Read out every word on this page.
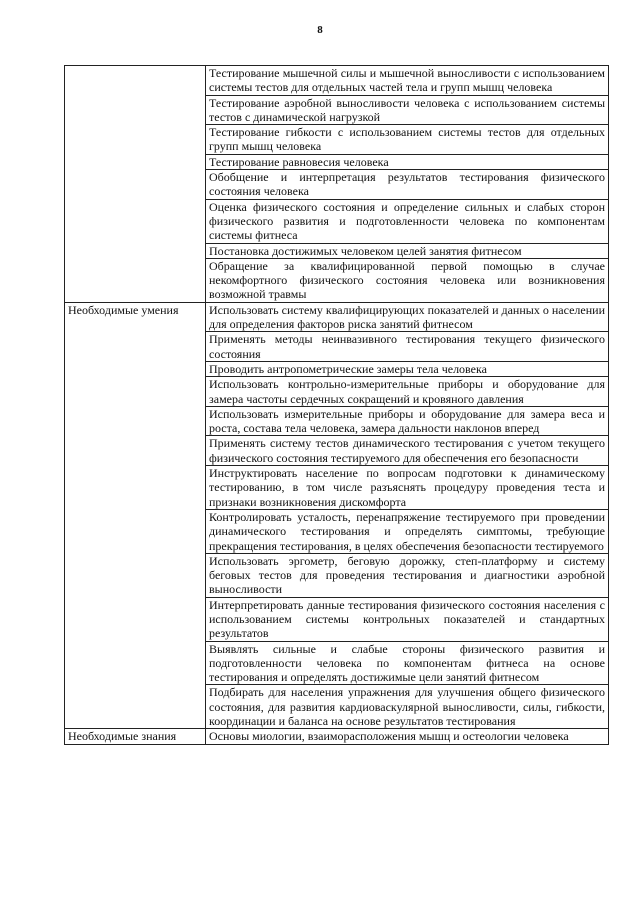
8
	Тестирование мышечной силы и мышечной выносливости с использованием системы тестов для отдельных частей тела и групп мышц человека
	Тестирование аэробной выносливости человека с использованием системы тестов с динамической нагрузкой
	Тестирование гибкости с использованием системы тестов для отдельных групп мышц человека
	Тестирование равновесия человека
	Обобщение и интерпретация результатов тестирования физического состояния человека
	Оценка физического состояния и определение сильных и слабых сторон физического развития и подготовленности человека по компонентам системы фитнеса
	Постановка достижимых человеком целей занятия фитнесом
	Обращение за квалифицированной первой помощью в случае некомфортного физического состояния человека или возникновения возможной травмы
Необходимые умения	Использовать систему квалифицирующих показателей и данных о населении для определения факторов риска занятий фитнесом
	Применять методы неинвазивного тестирования текущего физического состояния
	Проводить антропометрические замеры тела человека
	Использовать контрольно-измерительные приборы и оборудование для замера частоты сердечных сокращений и кровяного давления
	Использовать измерительные приборы и оборудование для замера веса и роста, состава тела человека, замера дальности наклонов вперед
	Применять систему тестов динамического тестирования с учетом текущего физического состояния тестируемого для обеспечения его безопасности
	Инструктировать население по вопросам подготовки к динамическому тестированию, в том числе разъяснять процедуру проведения теста и признаки возникновения дискомфорта
	Контролировать усталость, перенапряжение тестируемого при проведении динамического тестирования и определять симптомы, требующие прекращения тестирования, в целях обеспечения безопасности тестируемого
	Использовать эргометр, беговую дорожку, степ-платформу и систему беговых тестов для проведения тестирования и диагностики аэробной выносливости
	Интерпретировать данные тестирования физического состояния населения с использованием системы контрольных показателей и стандартных результатов
	Выявлять сильные и слабые стороны физического развития и подготовленности человека по компонентам фитнеса на основе тестирования и определять достижимые цели занятий фитнесом
	Подбирать для населения упражнения для улучшения общего физического состояния, для развития кардиоваскулярной выносливости, силы, гибкости, координации и баланса на основе результатов тестирования
Необходимые знания	Основы миологии, взаиморасположения мышц и остеологии человека
